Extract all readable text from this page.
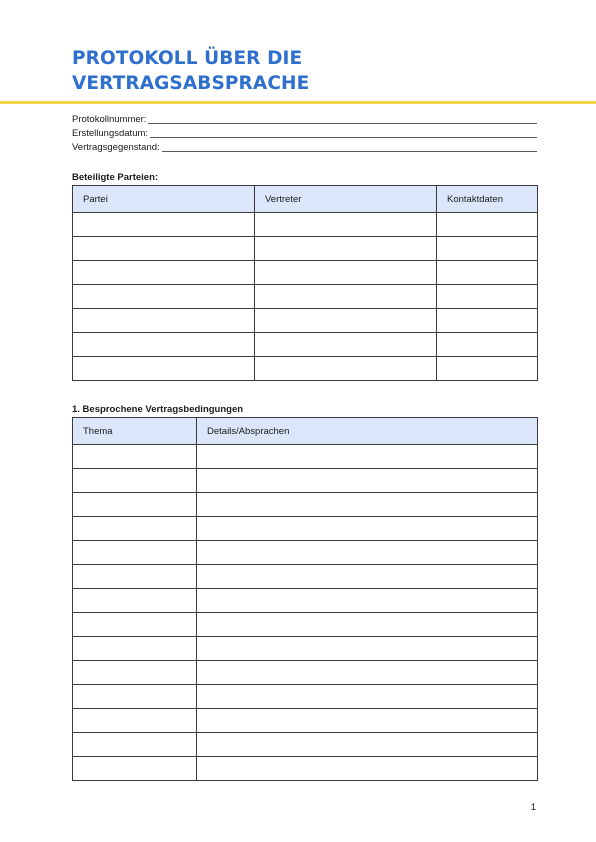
PROTOKOLL ÜBER DIE
VERTRAGSABSPRACHE
Protokollnummer:
Erstellungsdatum:
Vertragsgegenstand:
Beteiligte Parteien:
Partei	Vertreter	Kontaktdaten

1. Besprochene Vertragsbedingungen
Thema	Details/Absprachen

1
